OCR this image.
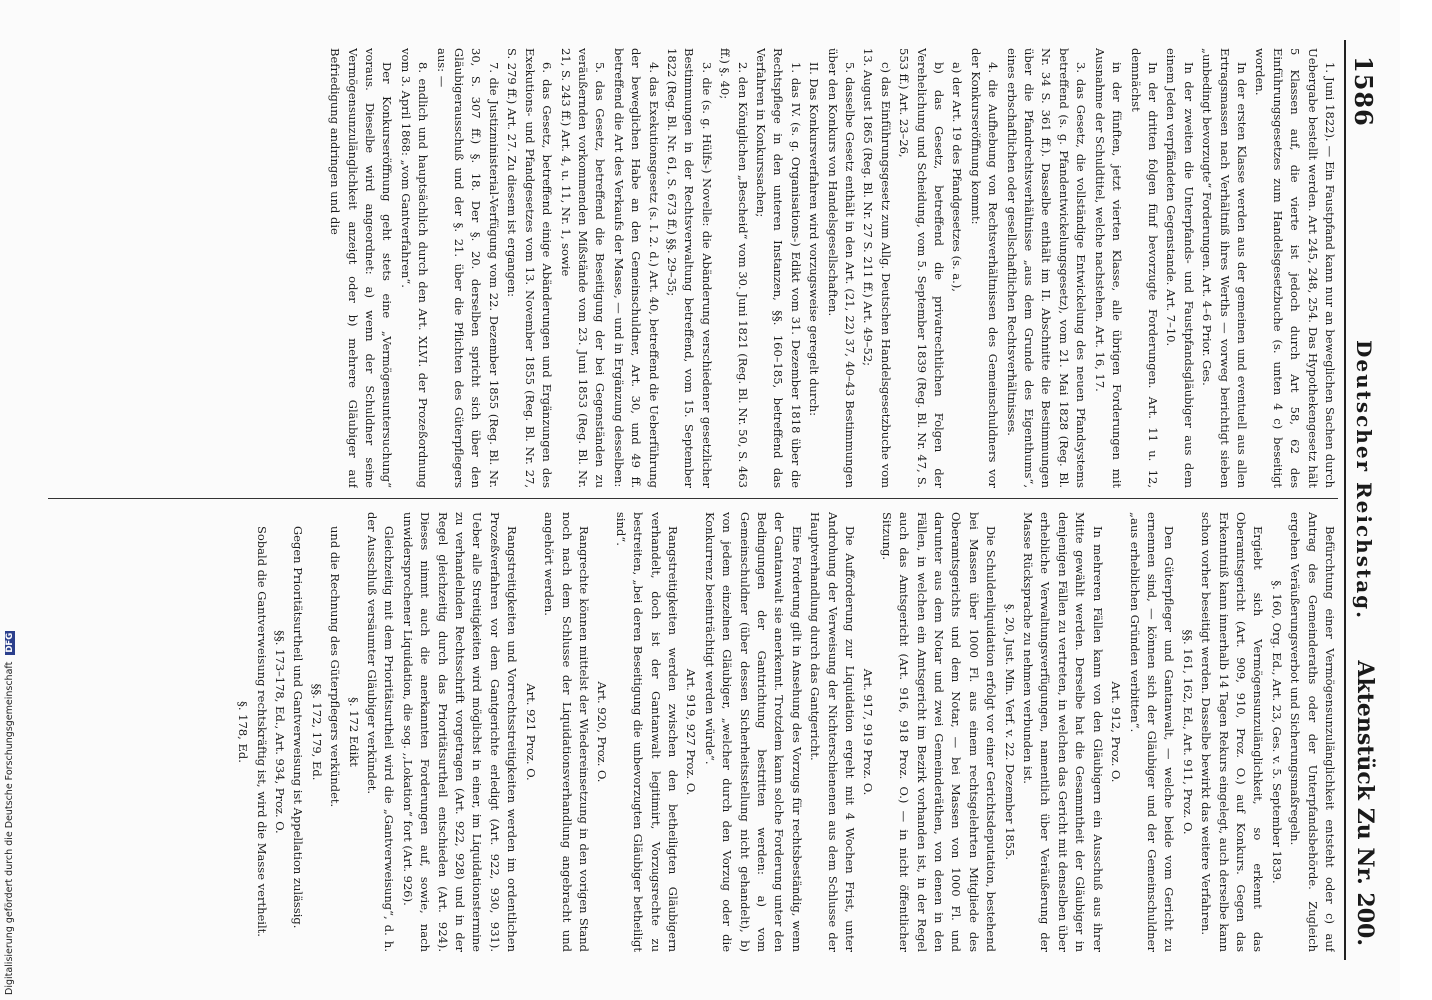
1586
Deutscher Reichstag.
Aktenstück Zu Nr. 200.

1. Juni 1822). — Ein Faustpfand kann nur an beweglichen Sachen durch Uebergabe bestellt werden. Art 245, 248, 254. Das Hypothekengesetz hält 5 Klassen auf, die vierte ist jedoch durch Art 58, 62 des Einführungsgesetzes zum Handelsgesetzbuche (s. unten 4 c) beseitigt worden.

In der ersten Klasse werden aus der gemeinen und eventuell aus allen Ertragsmassen nach Verhältniß ihres Werths — vorweg berichtigt sieben „unbedingt bevorzugte“ Forderungen. Art. 4–6 Prior. Ges.

In der zweiten die Unterpfands- und Faustpfandsgläubiger aus dem einem Jeden verpfändeten Gegenstande. Art. 7–10.

In der dritten folgen fünf bevorzugte Forderungen. Art. 11 u. 12, demnächst

in der fünften, jetzt vierten Klasse, alle übrigen Forderungen mit Ausnahme der Schuldtitel, welche nachstehen. Art. 16, 17.

3. das Gesetz, die vollständige Entwickelung des neuen Pfandsystems betreffend (s. g. Pfandentwickelungsgesetz), vom 21. Mai 1828 (Reg. Bl. Nr. 34 S. 361 ff.). Dasselbe enthält im II. Abschnitte die Bestimmungen über die Pfandrechtsverhältnisse „aus dem Grunde des Eigenthums“, eines erbschaftlichen oder gesellschaftlichen Rechtsverhältnisses.

4. die Aufhebung von Rechtsverhältnissen des Gemeinschuldners vor der Konkurseröffnung kommt:

a) der Art. 19 des Pfandgesetzes (s. a.),

b) das Gesetz, betreffend die privatrechtlichen Folgen der Verehelichung und Scheidung, vom 5. September 1839 (Reg. Bl. Nr. 47, S. 553 ff.) Art. 23–26,

c) das Einführungsgesetz zum Allg. Deutschen Handelsgesetzbuche vom 13. August 1865 (Reg. Bl. Nr. 27 S. 211 ff.) Art. 49–52;

5. dasselbe Gesetz enthält in den Art. (21, 22) 37, 40–43 Bestimmungen über den Konkurs von Handelsgesellschaften.

II. Das Konkursverfahren wird vorzugsweise geregelt durch:

1. das IV. (s. g. Organisations-) Edikt vom 31. Dezember 1818 über die Rechtspflege in den unteren Instanzen, §§. 160–185, betreffend das Verfahren in Konkurssachen;

2. den Königlichen „Bescheid“ vom 30. Juni 1821 (Reg. Bl. Nr. 50, S. 463 ff.) §. 40;

3. die (s. g. Hülfs-) Novelle: die Abänderung verschiedener gesetzlicher Bestimmungen in der Rechtsverwaltung betreffend, vom 15. September 1822 (Reg. Bl. Nr. 61, S. 673 ff.) §§. 29–35;

4. das Exekutionsgesetz (s. I. 2. d.) Art. 40, betreffend die Ueberführung der beweglichen Habe an den Gemeinschuldner, Art. 30, und 49 ff. betreffend die Art des Verkaufs der Masse, — und in Ergänzung desselben:

5. das Gesetz, betreffend die Beseitigung der bei Gegenständen zu veräußernden vorkommenden Mißstände vom 23. Juni 1853 (Reg. Bl. Nr. 21, S. 243 ff.) Art. 4, u. 11, Nr. 1, sowie

6. das Gesetz, betreffend einige Abänderungen und Ergänzungen des Exekutions- und Pfandgesetzes vom 13. November 1855 (Reg. Bl. Nr. 27, S. 279 ff.) Art. 27. Zu diesem ist ergangen:

7. die Justizministerial-Verfügung vom 22. Dezember 1855 (Reg. Bl. Nr. 30, S. 307 ff.) §. 18. Der §. 20. derselben spricht sich über den Gläubigerausschuß und der §. 21. über die Pflichten des Güterpflegers aus: —

8. endlich und hauptsächlich durch den Art. XLVI. der Prozeßordnung vom 3. April 1868: „vom Gantverfahren“.

Der Konkurseröffnung geht stets eine „Vermögensuntersuchung“ voraus. Dieselbe wird angeordnet: a) wenn der Schuldner seine Vermögensunzulänglichkeit anzeigt oder b) mehrere Gläubiger auf Befriedigung andringen und die

Befürchtung einer Vermögensunzulänglichkeit entsteht oder c) auf Antrag des Gemeinderaths oder der Unterpfandsbehörde. Zugleich ergehen Veräußerungsverbot und Sicherungsmaßregeln.

§. 160, Org. Ed., Art. 23, Ges. v. 5. September 1839.

Ergiebt sich Vermögensunzulänglichkeit, so erkennt das Oberamtsgericht (Art. 909, 910, Proz. O.) auf Konkurs. Gegen das Erkenntniß kann innerhalb 14 Tagen Rekurs eingelegt, auch derselbe kann schon vorher beseitigt werden. Dasselbe bewirkt das weitere Verfahren.

§§. 161, 162, Ed., Art. 911, Proz. O.

Den Güterpfleger und Gantanwalt, — welche beide vom Gericht zu ernennen sind, — können sich der Gläubiger und der Gemeinschuldner „aus erheblichen Gründen verbitten“.

Art. 912, Proz. O.

In mehreren Fällen kann von den Gläubigern ein Ausschuß aus ihrer Mitte gewählt werden. Derselbe hat die Gesammtheit der Gläubiger in denjenigen Fällen zu vertreten, in welchen das Gericht mit denselben über erhebliche Verwaltungsverfügungen, namentlich über Veräußerung der Masse Rücksprache zu nehmen verbunden ist.

§. 20, Just. Min. Verf. v. 22. Dezember 1855.

Die Schuldenliquidation erfolgt vor einer Gerichtsdeputation, bestehend bei Massen über 1000 Fl. aus einem rechtsgelehrten Mitgliede des Oberamtsgerichts und dem Notar, — bei Massen von 1000 Fl. und darunter aus dem Notar und zwei Gemeinderäthen, von denen in den Fällen, in welchen ein Amtsgericht im Bezirk vorhanden ist, in der Regel auch das Amtsgericht (Art. 916, 918 Proz. O.) — in nicht öffentlicher Sitzung.

Art. 917, 919 Proz. O.

Die Aufforderung zur Liquidation ergeht mit 4 Wochen Frist, unter Androhung der Verweisung der Nichterschienenen aus dem Schlusse der Hauptverhandlung durch das Gantgericht.

Eine Forderung gilt in Ansehung des Vorzugs für rechtsbeständig, wenn der Gantanwalt sie anerkennt. Trotzdem kann solche Forderung unter den Bedingungen der Gantrichtung bestritten werden: a) vom Gemeinschuldner (über dessen Sicherheitsstellung nicht gehandelt), b) von jedem einzelnen Gläubiger, „welcher durch den Vorzug oder die Konkurrenz beeinträchtigt werden würde“.

Art. 919, 927 Proz. O.

Rangstreitigkeiten werden zwischen den betheiligten Gläubigern verhandelt, doch ist der Gantanwalt legitimirt, Vorzugsrechte zu bestreiten, „bei deren Beseitigung die unbevorzugten Gläubiger betheiligt sind“.

Art. 920, Proz. O.

Rangrechte können mittelst der Wiedereinsetzung in den vorigen Stand noch nach dem Schlusse der Liquidationsverhandlung angebracht und angehört werden.

Art. 921 Proz. O.

Rangstreitigkeiten und Vorrechtsstreitigkeiten werden im ordentlichen Prozeßverfahren vor dem Gantgerichte erledigt (Art. 922, 930, 931). Ueber alle Streitigkeiten wird möglichst in einer, im Liquidationstermine zu verhandelnden Rechtsschrift vorgetragen (Art. 922, 928) und in der Regel gleichzeitig durch das Prioritätsurtheil entschieden (Art. 924). Dieses nimmt auch die anerkannten Forderungen auf, sowie, nach unwidersprochener Liquidation, die sog. ,,Lokation“ fort (Art. 926).

Gleichzeitig mit dem Prioritätsurtheil wird die „Gantverweisung“, d. h. der Ausschluß versäumter Gläubiger verkündet.

§. 172 Edikt

und die Rechnung des Güterpflegers verkündet.

§§. 172, 179, Ed.

Gegen Prioritätsurtheil und Gantverweisung ist Appellation zulässig.

§§. 173–178, Ed., Art. 934, Proz. O.

Sobald die Gantverweisung rechtskräftig ist, wird die Masse vertheilt.

§. 178, Ed.

Digitalisierung gefördert durch die Deutsche Forschungsgemeinschaft DFG
